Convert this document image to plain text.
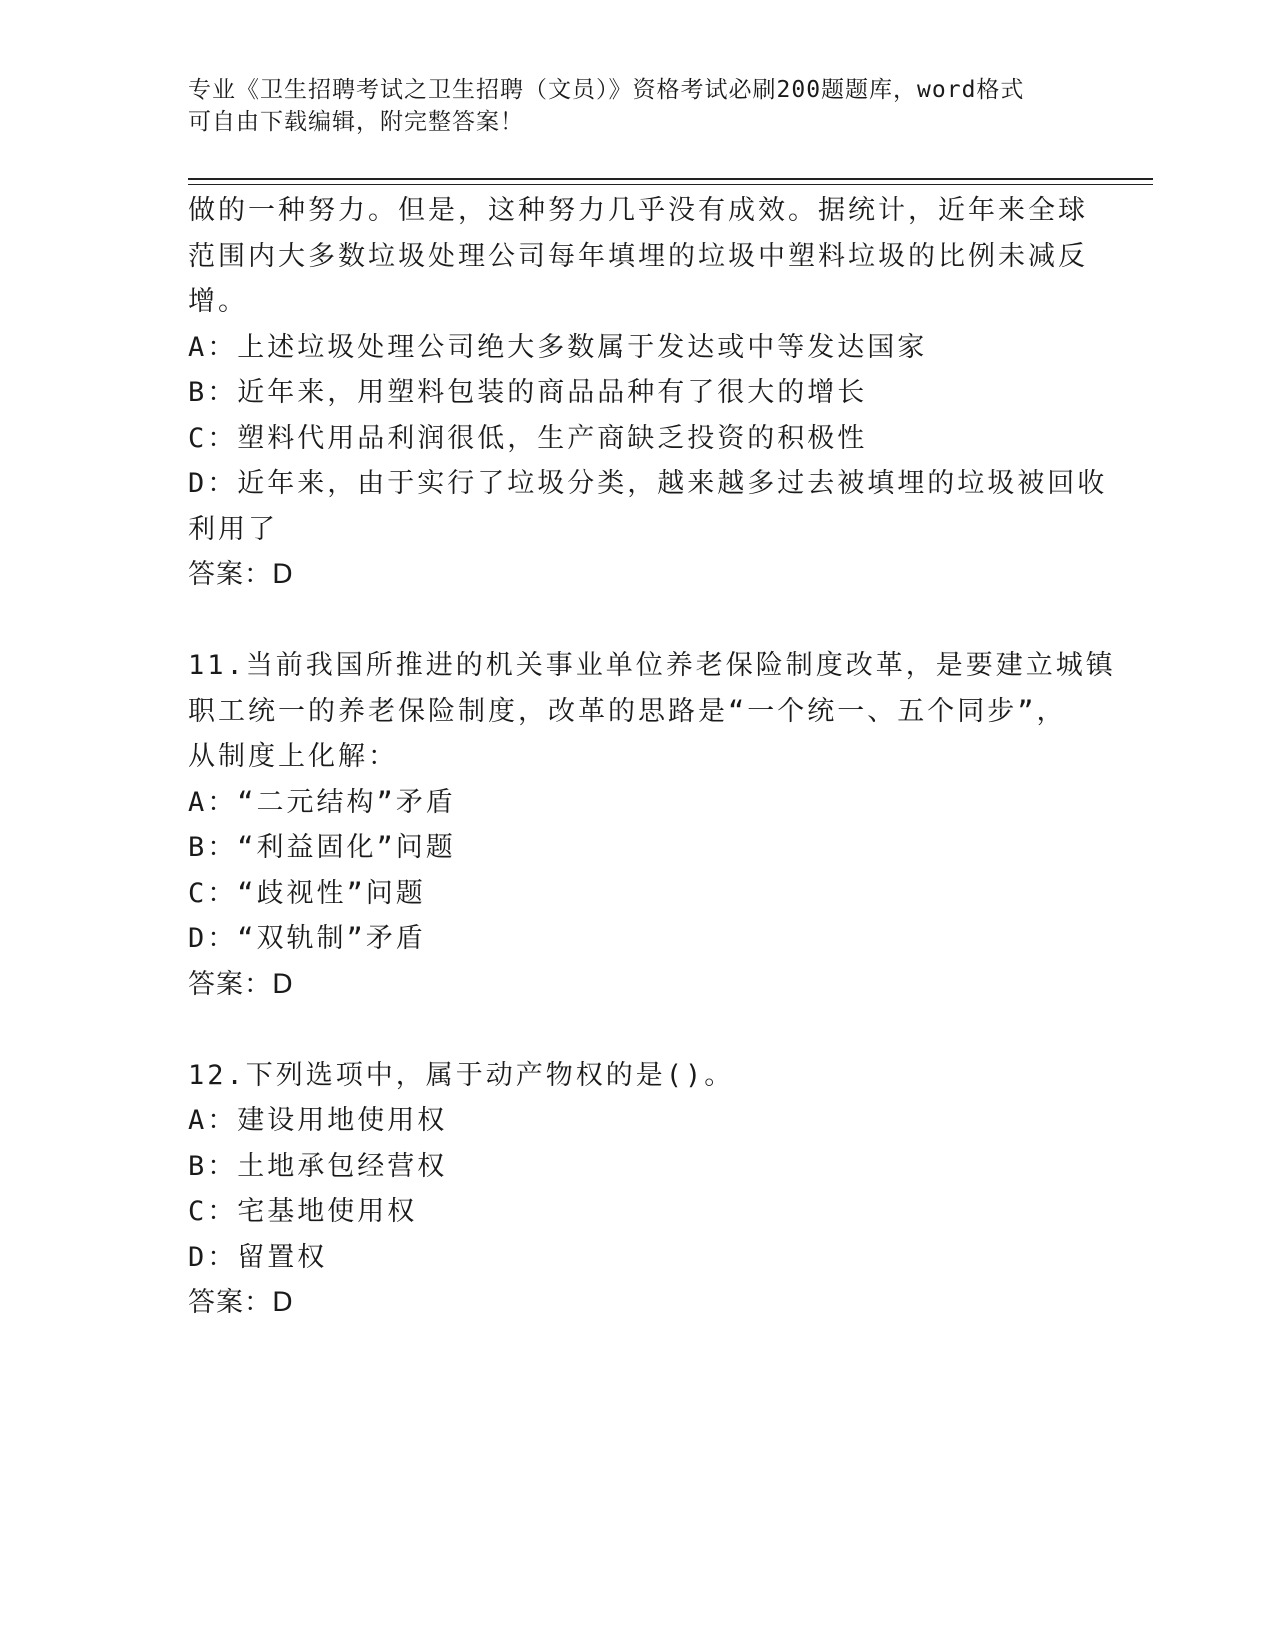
专业《卫生招聘考试之卫生招聘（文员）》资格考试必刷200题题库，word格式
可自由下载编辑，附完整答案！
做的一种努力。但是，这种努力几乎没有成效。据统计，近年来全球
范围内大多数垃圾处理公司每年填埋的垃圾中塑料垃圾的比例未减反
增。
A：上述垃圾处理公司绝大多数属于发达或中等发达国家
B：近年来，用塑料包装的商品品种有了很大的增长
C：塑料代用品利润很低，生产商缺乏投资的积极性
D：近年来，由于实行了垃圾分类，越来越多过去被填埋的垃圾被回收
利用了
答案：D
11.当前我国所推进的机关事业单位养老保险制度改革，是要建立城镇
职工统一的养老保险制度，改革的思路是“一个统一、五个同步”，
从制度上化解：
A：“二元结构”矛盾
B：“利益固化”问题
C：“歧视性”问题
D：“双轨制”矛盾
答案：D
12.下列选项中，属于动产物权的是()。
A：建设用地使用权
B：土地承包经营权
C：宅基地使用权
D：留置权
答案：D
